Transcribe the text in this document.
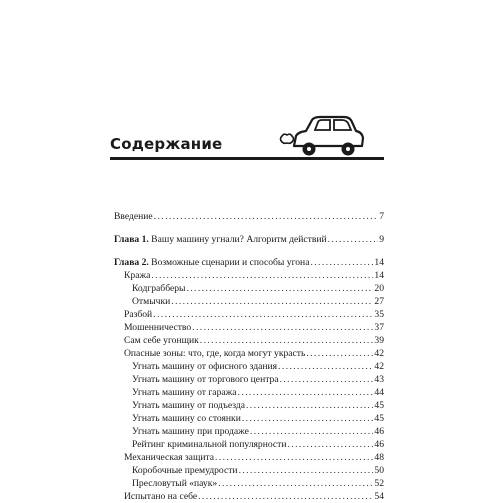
Содержание
Введение .....	7
Глава 1. Вашу машину угнали? Алгоритм действий .....	9
Глава 2. Возможные сценарии и способы угона .....	14
Кража .....	14
Кодграбберы .....	20
Отмычки .....	27
Разбой .....	35
Мошенничество .....	37
Сам себе угонщик .....	39
Опасные зоны: что, где, когда могут украсть .....	42
Угнать машину от офисного здания .....	42
Угнать машину от торгового центра .....	43
Угнать машину от гаража .....	44
Угнать машину от подъезда .....	45
Угнать машину со стоянки .....	45
Угнать машину при продаже .....	46
Рейтинг криминальной популярности .....	46
Механическая защита .....	48
Коробочные премудрости .....	50
Пресловутый «паук» .....	52
Испытано на себе .....	54
